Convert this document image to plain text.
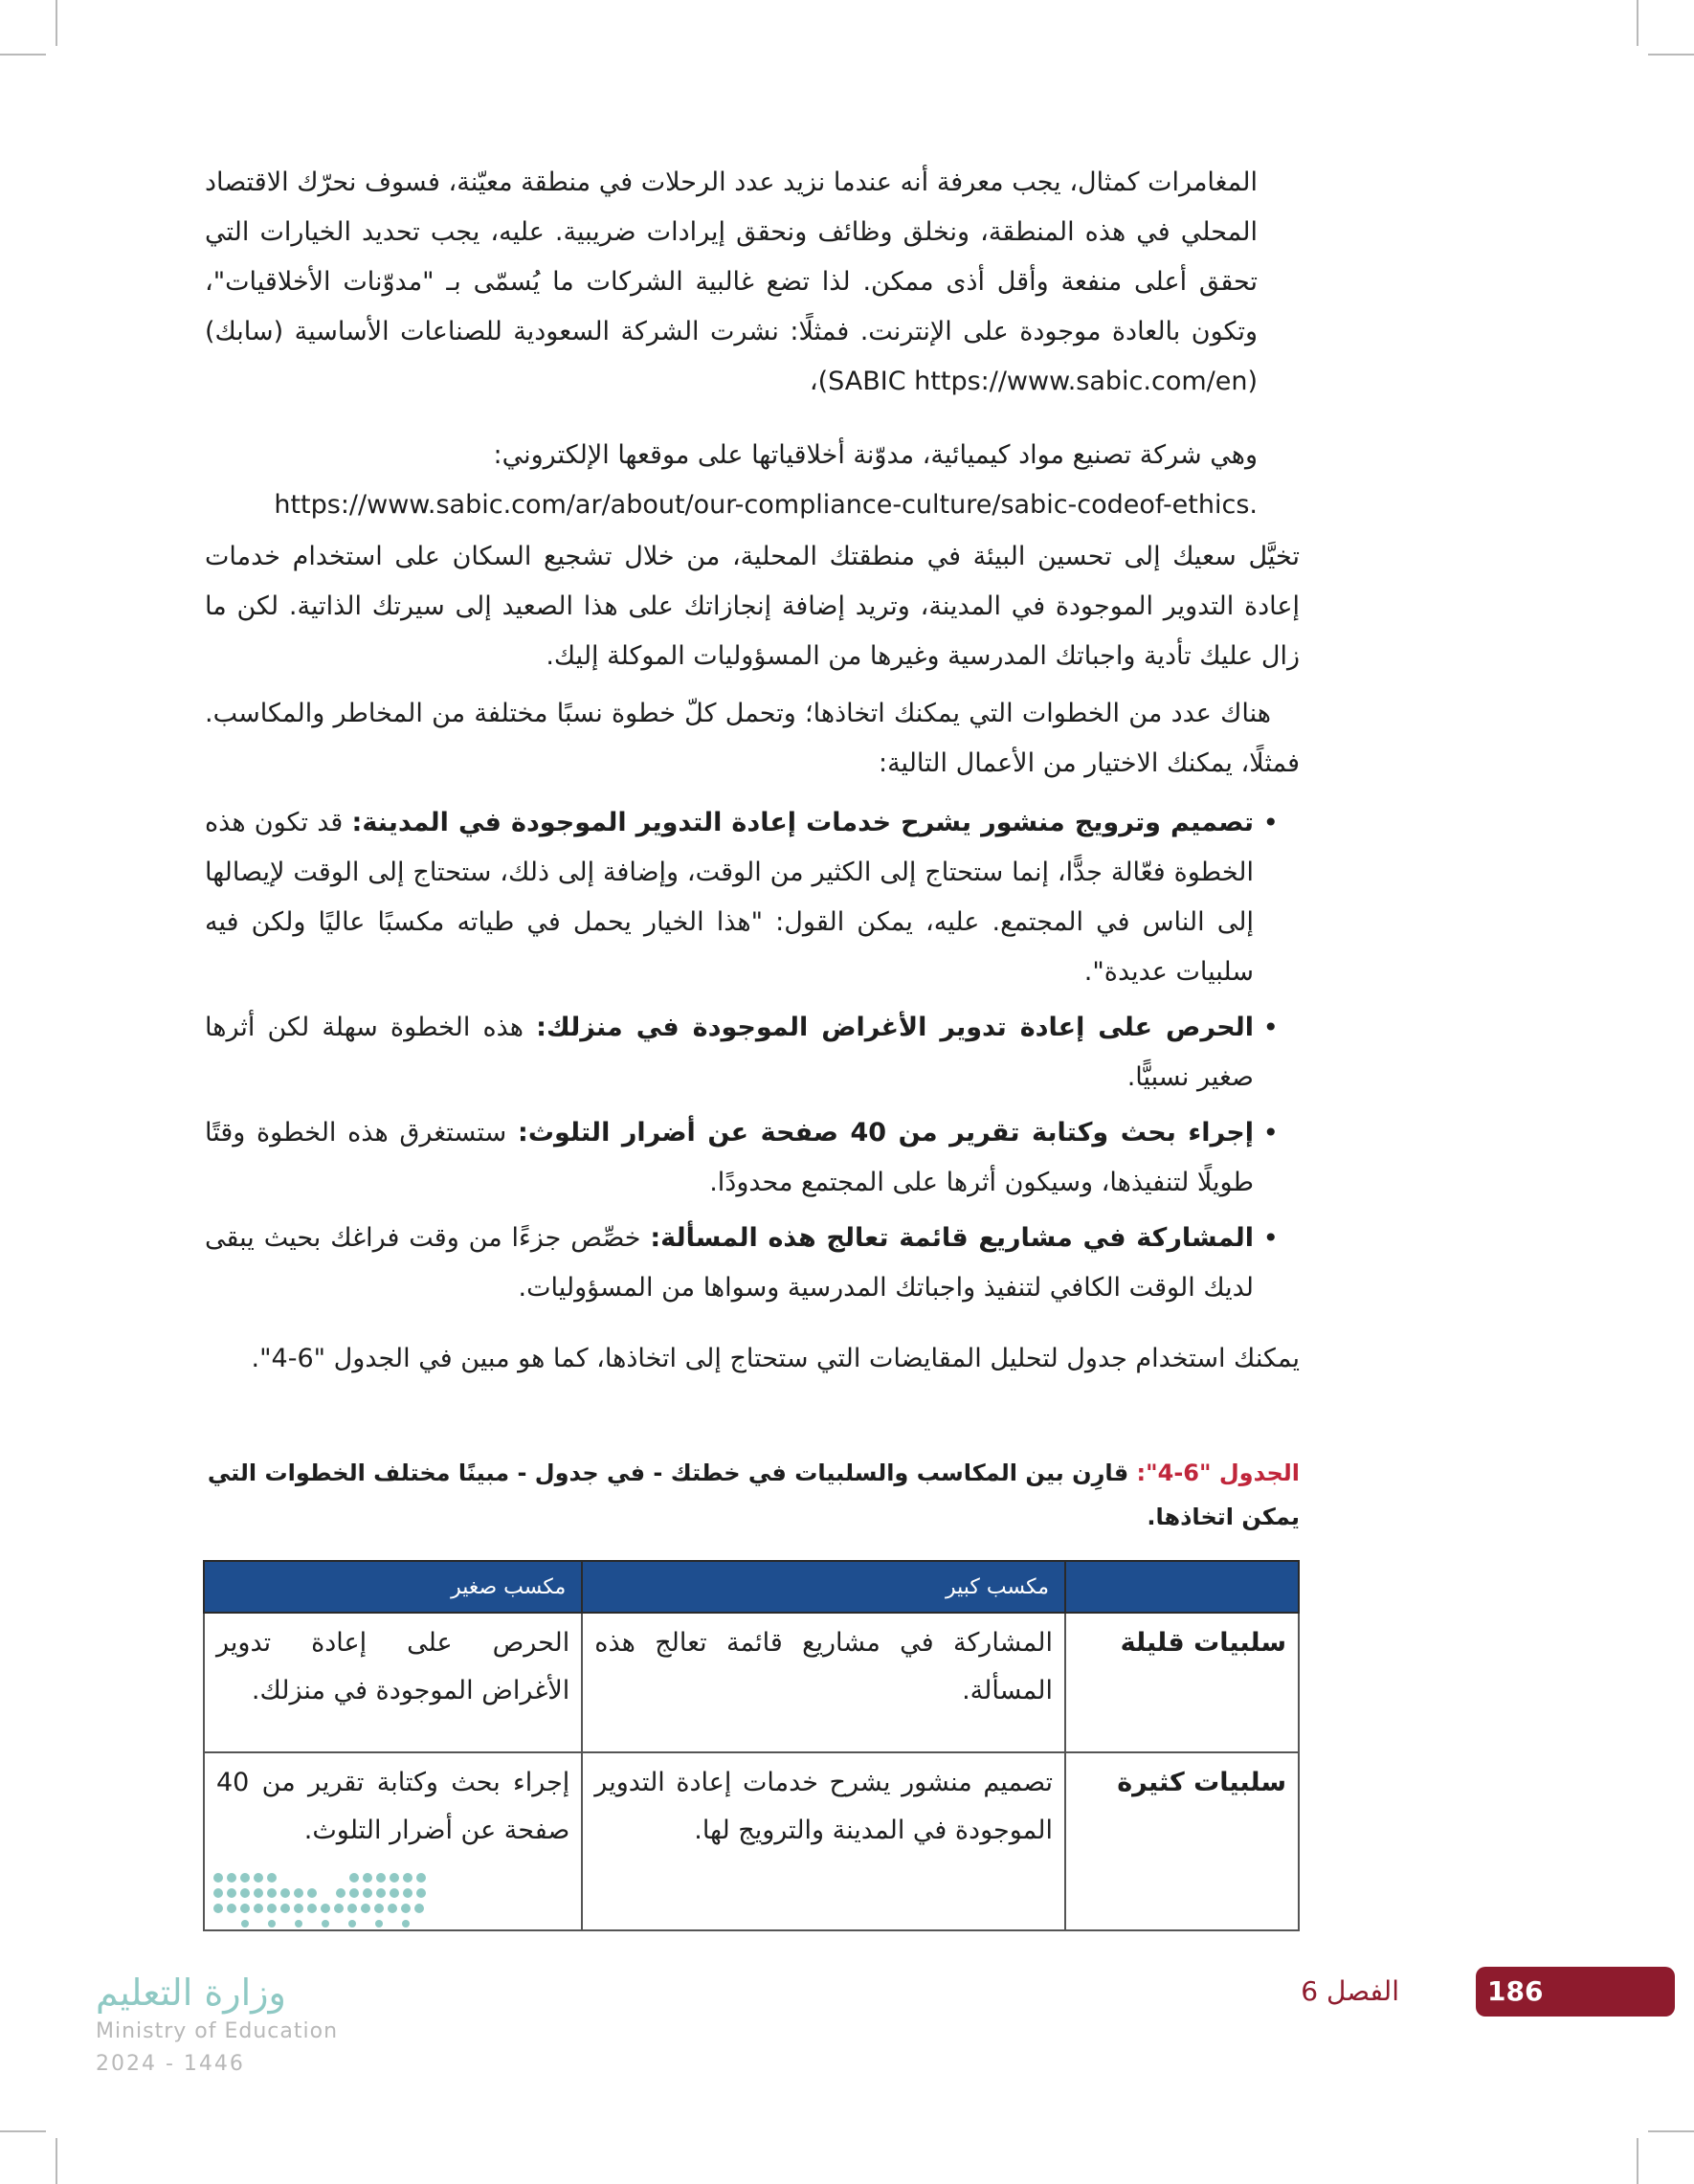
المغامرات كمثال، يجب معرفة أنه عندما نزيد عدد الرحلات في منطقة معيّنة، فسوف نحرّك الاقتصاد المحلي في هذه المنطقة، ونخلق وظائف ونحقق إيرادات ضريبية. عليه، يجب تحديد الخيارات التي تحقق أعلى منفعة وأقل أذى ممكن. لذا تضع غالبية الشركات ما يُسمّى بـ "مدوّنات الأخلاقيات"، وتكون بالعادة موجودة على الإنترنت. فمثلًا: نشرت الشركة السعودية للصناعات الأساسية (سابك) (SABIC https://www.sabic.com/en)،

وهي شركة تصنيع مواد كيميائية، مدوّنة أخلاقياتها على موقعها الإلكتروني:

https://www.sabic.com/ar/about/our-compliance-culture/sabic-codeof-ethics.

تخيَّل سعيك إلى تحسين البيئة في منطقتك المحلية، من خلال تشجيع السكان على استخدام خدمات إعادة التدوير الموجودة في المدينة، وتريد إضافة إنجازاتك على هذا الصعيد إلى سيرتك الذاتية. لكن ما زال عليك تأدية واجباتك المدرسية وغيرها من المسؤوليات الموكلة إليك.

هناك عدد من الخطوات التي يمكنك اتخاذها؛ وتحمل كلّ خطوة نسبًا مختلفة من المخاطر والمكاسب. فمثلًا، يمكنك الاختيار من الأعمال التالية:

•
تصميم وترويج منشور يشرح خدمات إعادة التدوير الموجودة في المدينة: قد تكون هذه الخطوة فعّالة جدًّا، إنما ستحتاج إلى الكثير من الوقت، وإضافة إلى ذلك، ستحتاج إلى الوقت لإيصالها إلى الناس في المجتمع. عليه، يمكن القول: "هذا الخيار يحمل في طياته مكسبًا عاليًا ولكن فيه سلبيات عديدة".
•
الحرص على إعادة تدوير الأغراض الموجودة في منزلك: هذه الخطوة سهلة لكن أثرها صغير نسبيًّا.
•
إجراء بحث وكتابة تقرير من 40 صفحة عن أضرار التلوث: ستستغرق هذه الخطوة وقتًا طويلًا لتنفيذها، وسيكون أثرها على المجتمع محدودًا.
•
المشاركة في مشاريع قائمة تعالج هذه المسألة: خصِّص جزءًا من وقت فراغك بحيث يبقى لديك الوقت الكافي لتنفيذ واجباتك المدرسية وسواها من المسؤوليات.

يمكنك استخدام جدول لتحليل المقايضات التي ستحتاج إلى اتخاذها، كما هو مبين في الجدول "6-4".

الجدول "6-4": قارِن بين المكاسب والسلبيات في خطتك - في جدول - مبينًا مختلف الخطوات التي يمكن اتخاذها.
	مكسب كبير	مكسب صغير
سلبيات قليلة	المشاركة في مشاريع قائمة تعالج هذه المسألة.	الحرص على إعادة تدوير الأغراض الموجودة في منزلك.
سلبيات كثيرة	تصميم منشور يشرح خدمات إعادة التدوير الموجودة في المدينة والترويج لها.	إجراء بحث وكتابة تقرير من 40 صفحة عن أضرار التلوث.
وزارة التعليم
Ministry of Education
2024 - 1446
186
الفصل 6
